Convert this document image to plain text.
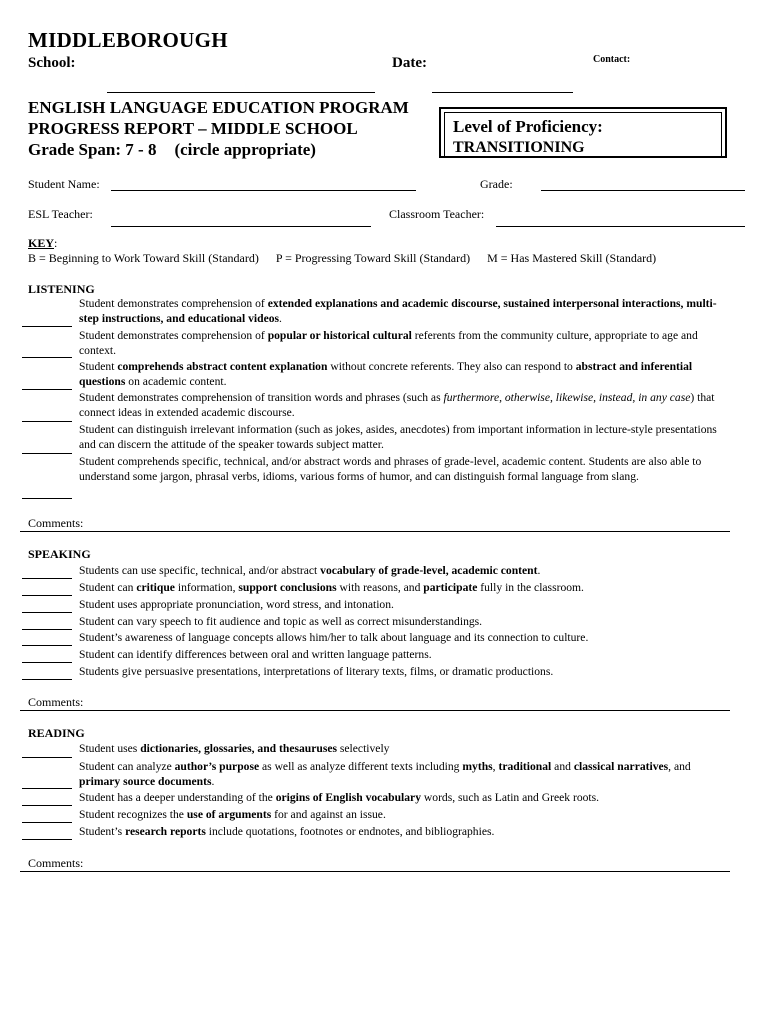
MIDDLEBOROUGH
School:	Date:	Contact:
ENGLISH LANGUAGE EDUCATION PROGRAM
PROGRESS REPORT – MIDDLE SCHOOL
Grade Span: 7 - 8 (circle appropriate)
Level of Proficiency:
TRANSITIONING
Student Name:	Grade:
ESL Teacher:	Classroom Teacher:
KEY:
B = Beginning to Work Toward Skill (Standard) P = Progressing Toward Skill (Standard) M = Has Mastered Skill (Standard)
LISTENING
Student demonstrates comprehension of extended explanations and academic discourse, sustained interpersonal interactions, multi-step instructions, and educational videos.
Student demonstrates comprehension of popular or historical cultural referents from the community culture, appropriate to age and context.
Student comprehends abstract content explanation without concrete referents. They also can respond to abstract and inferential questions on academic content.
Student demonstrates comprehension of transition words and phrases (such as furthermore, otherwise, likewise, instead, in any case) that connect ideas in extended academic discourse.
Student can distinguish irrelevant information (such as jokes, asides, anecdotes) from important information in lecture-style presentations and can discern the attitude of the speaker towards subject matter.
Student comprehends specific, technical, and/or abstract words and phrases of grade-level, academic content. Students are also able to understand some jargon, phrasal verbs, idioms, various forms of humor, and can distinguish formal language from slang.
Comments:
SPEAKING
Students can use specific, technical, and/or abstract vocabulary of grade-level, academic content.
Student can critique information, support conclusions with reasons, and participate fully in the classroom.
Student uses appropriate pronunciation, word stress, and intonation.
Student can vary speech to fit audience and topic as well as correct misunderstandings.
Student’s awareness of language concepts allows him/her to talk about language and its connection to culture.
Student can identify differences between oral and written language patterns.
Students give persuasive presentations, interpretations of literary texts, films, or dramatic productions.
Comments:
READING
Student uses dictionaries, glossaries, and thesauruses selectively
Student can analyze author’s purpose as well as analyze different texts including myths, traditional and classical narratives, and primary source documents.
Student has a deeper understanding of the origins of English vocabulary words, such as Latin and Greek roots.
Student recognizes the use of arguments for and against an issue.
Student’s research reports include quotations, footnotes or endnotes, and bibliographies.
Comments:
